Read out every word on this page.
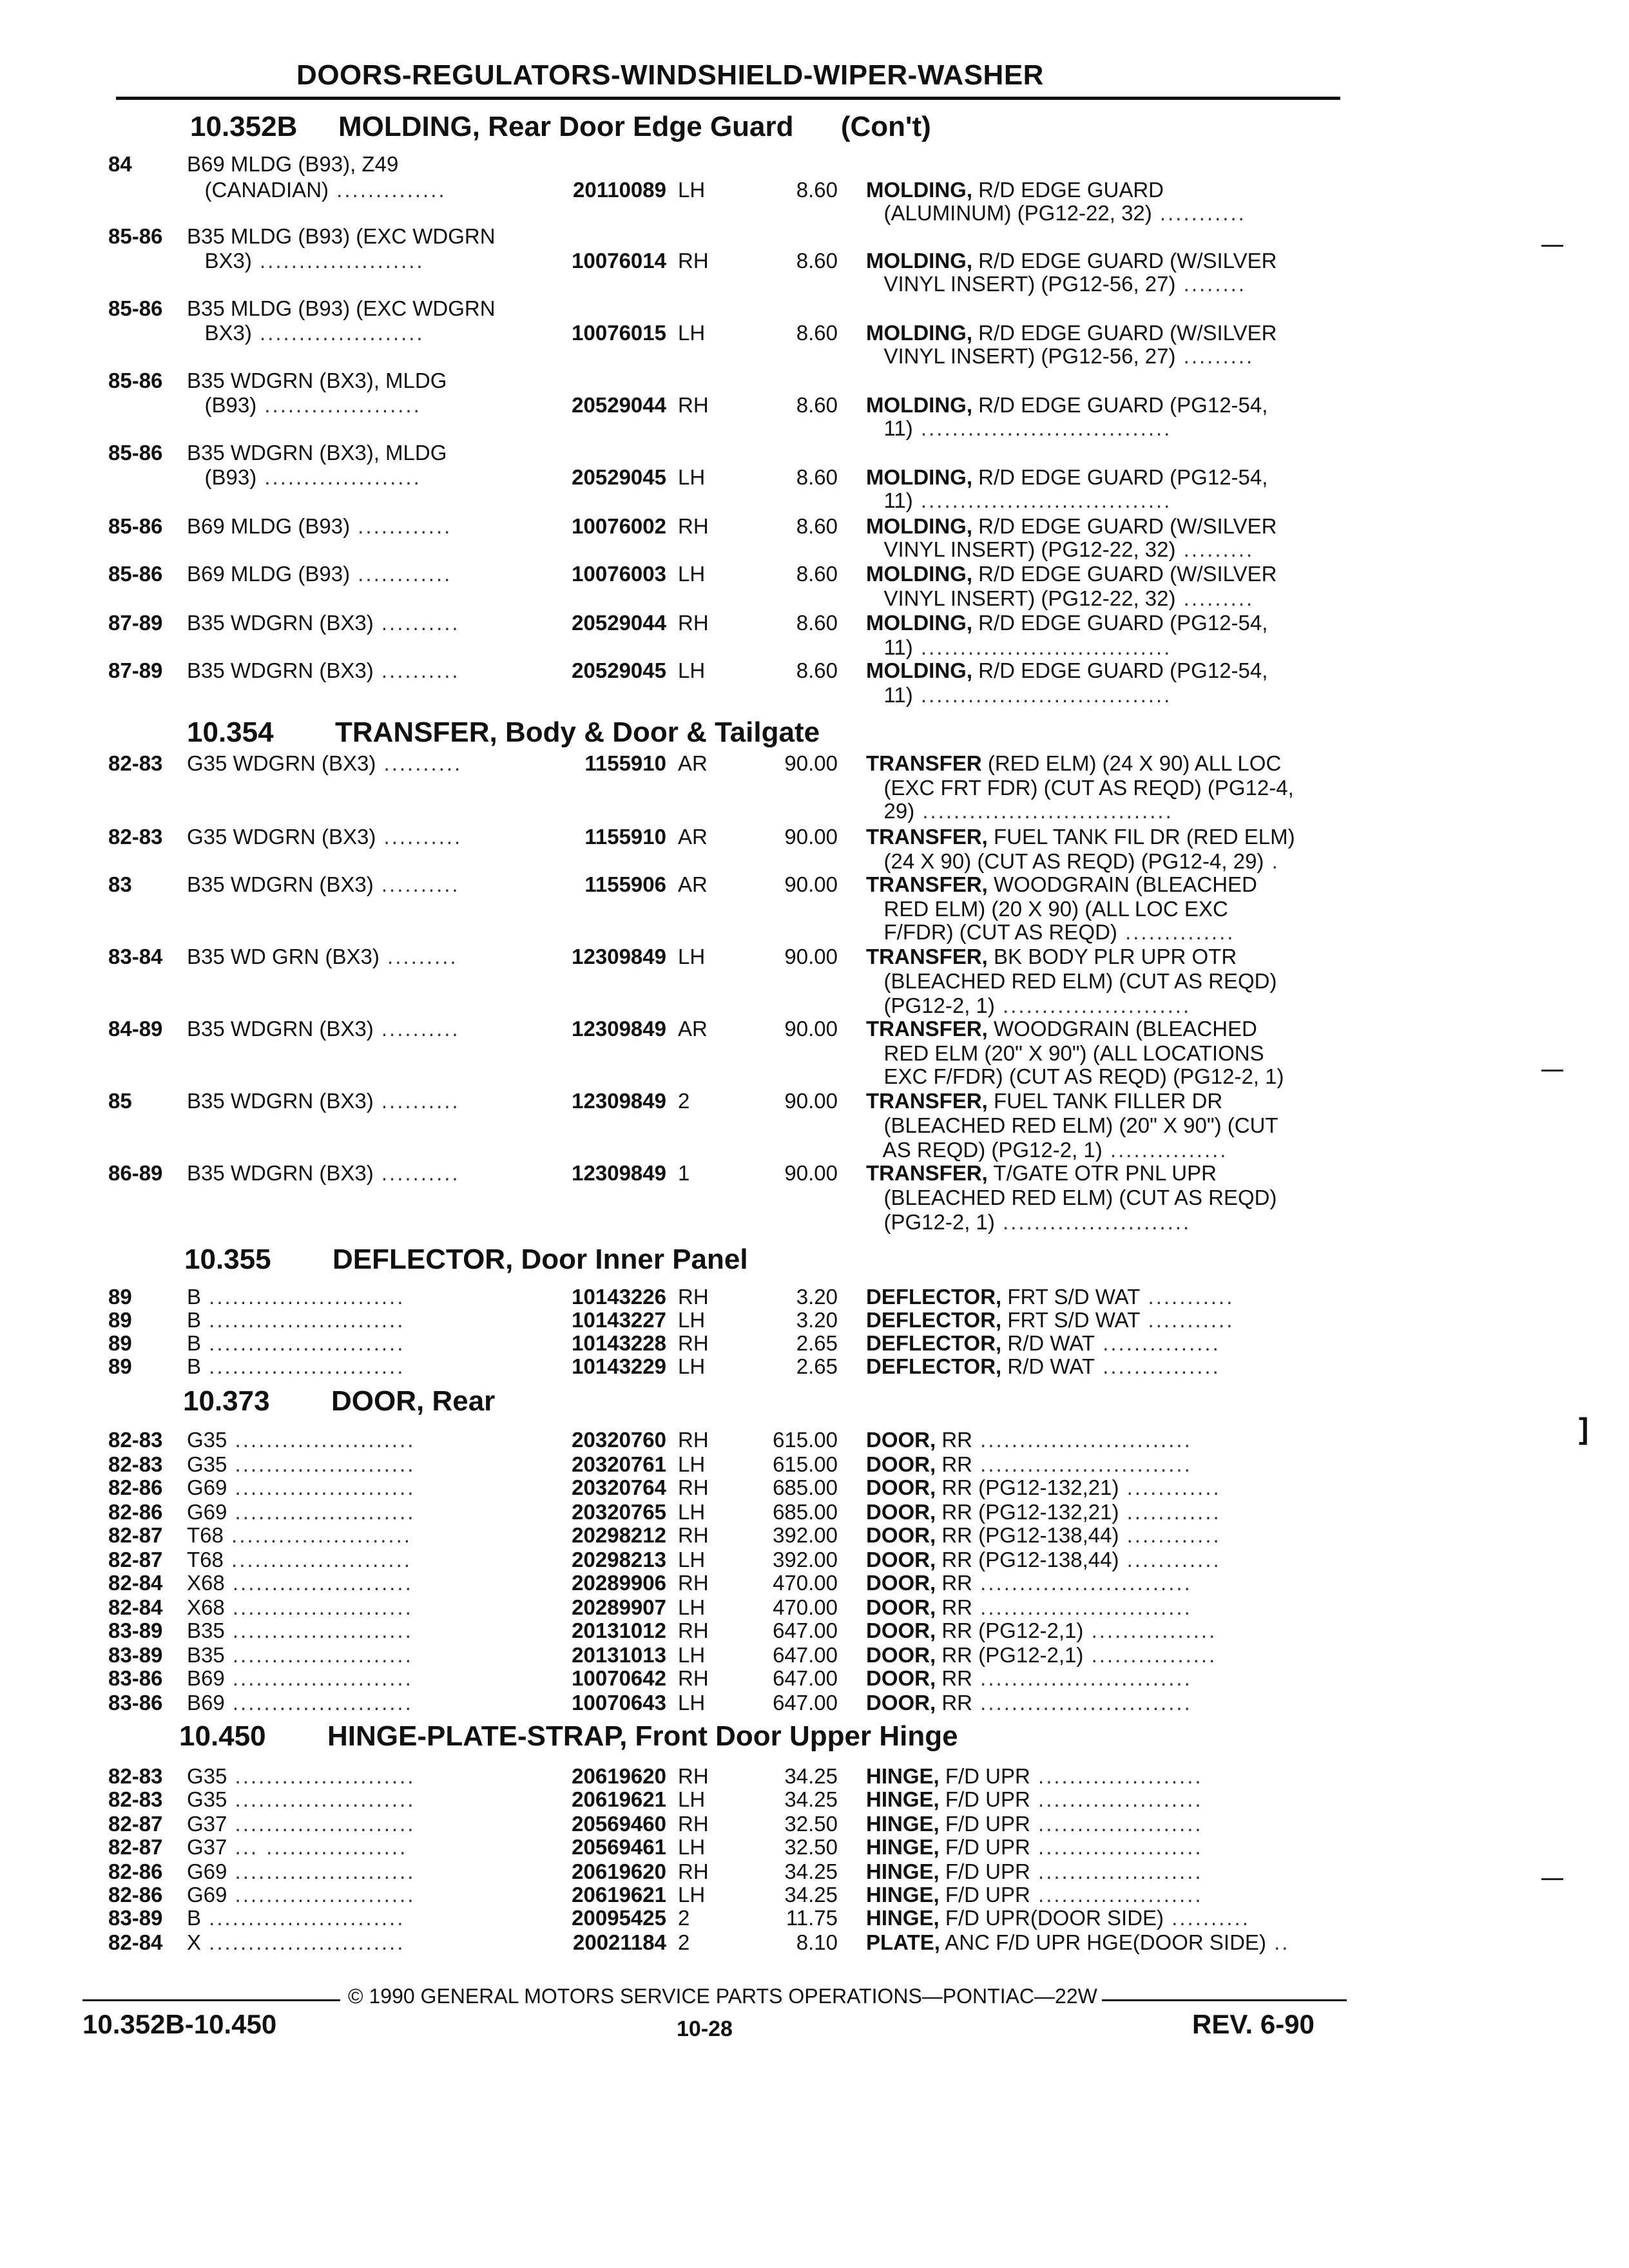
DOORS-REGULATORS-WINDSHIELD-WIPER-WASHER
10.352B MOLDING, Rear Door Edge Guard      (Con't)
10.354 TRANSFER, Body & Door & Tailgate
10.355 DEFLECTOR, Door Inner Panel
10.373 DOOR, Rear
10.450 HINGE-PLATE-STRAP, Front Door Upper Hinge
84	B69 MLDG (B93), Z49
(CANADIAN) ..............	20110089 LH	8.60 MOLDING, R/D EDGE GUARD
(ALUMINUM) (PG12-22, 32) ...........
85-86 B35 MLDG (B93) (EXC WDGRN
BX3) .....................	10076014 RH	8.60 MOLDING, R/D EDGE GUARD (W/SILVER
VINYL INSERT) (PG12-56, 27) ........
85-86 B35 MLDG (B93) (EXC WDGRN
BX3) .....................	10076015 LH	8.60 MOLDING, R/D EDGE GUARD (W/SILVER
VINYL INSERT) (PG12-56, 27) .........
85-86 B35 WDGRN (BX3), MLDG
(B93) ....................	20529044 RH	8.60 MOLDING, R/D EDGE GUARD (PG12-54,
11) ................................
85-86 B35 WDGRN (BX3), MLDG
(B93) ....................	20529045 LH	8.60 MOLDING, R/D EDGE GUARD (PG12-54,
11) ................................
85-86 B69 MLDG (B93) ............	10076002 RH	8.60 MOLDING, R/D EDGE GUARD (W/SILVER
VINYL INSERT) (PG12-22, 32) .........
85-86 B69 MLDG (B93) ............	10076003 LH	8.60 MOLDING, R/D EDGE GUARD (W/SILVER
VINYL INSERT) (PG12-22, 32) .........
87-89 B35 WDGRN (BX3) ..........	20529044 RH	8.60 MOLDING, R/D EDGE GUARD (PG12-54,
11) ................................
87-89 B35 WDGRN (BX3) ..........	20529045 LH	8.60 MOLDING, R/D EDGE GUARD (PG12-54,
11) ................................
82-83 G35 WDGRN (BX3) ..........	1155910 AR	90.00 TRANSFER (RED ELM) (24 X 90) ALL LOC
(EXC FRT FDR) (CUT AS REQD) (PG12-4,
29) ................................
82-83 G35 WDGRN (BX3) ..........	1155910 AR	90.00 TRANSFER, FUEL TANK FIL DR (RED ELM)
(24 X 90) (CUT AS REQD) (PG12-4, 29) .
83	B35 WDGRN (BX3) ..........	1155906 AR	90.00 TRANSFER, WOODGRAIN (BLEACHED
RED ELM) (20 X 90) (ALL LOC EXC
F/FDR) (CUT AS REQD) ..............
83-84 B35 WD GRN (BX3) .........	12309849 LH	90.00 TRANSFER, BK BODY PLR UPR OTR
(BLEACHED RED ELM) (CUT AS REQD)
(PG12-2, 1) ........................
84-89 B35 WDGRN (BX3) ..........	12309849 AR	90.00 TRANSFER, WOODGRAIN (BLEACHED
RED ELM (20" X 90") (ALL LOCATIONS
EXC F/FDR) (CUT AS REQD) (PG12-2, 1)
85	B35 WDGRN (BX3) ..........	12309849 2	90.00 TRANSFER, FUEL TANK FILLER DR
(BLEACHED RED ELM) (20" X 90") (CUT
AS REQD) (PG12-2, 1) ...............
86-89 B35 WDGRN (BX3) ..........	12309849 1	90.00 TRANSFER, T/GATE OTR PNL UPR
(BLEACHED RED ELM) (CUT AS REQD)
(PG12-2, 1) ........................
89	B .........................	10143226 RH	3.20 DEFLECTOR, FRT S/D WAT ...........
89	B .........................	10143227 LH	3.20 DEFLECTOR, FRT S/D WAT ...........
89	B .........................	10143228 RH	2.65 DEFLECTOR, R/D WAT ...............
89	B .........................	10143229 LH	2.65 DEFLECTOR, R/D WAT ...............
82-83 G35 .......................	20320760 RH	615.00 DOOR, RR ...........................
82-83 G35 .......................	20320761 LH	615.00 DOOR, RR ...........................
82-86 G69 .......................	20320764 RH	685.00 DOOR, RR (PG12-132,21) ............
82-86 G69 .......................	20320765 LH	685.00 DOOR, RR (PG12-132,21) ............
82-87 T68 .......................	20298212 RH	392.00 DOOR, RR (PG12-138,44) ............
82-87 T68 .......................	20298213 LH	392.00 DOOR, RR (PG12-138,44) ............
82-84 X68 .......................	20289906 RH	470.00 DOOR, RR ...........................
82-84 X68 .......................	20289907 LH	470.00 DOOR, RR ...........................
83-89 B35 .......................	20131012 RH	647.00 DOOR, RR (PG12-2,1) ................
83-89 B35 .......................	20131013 LH	647.00 DOOR, RR (PG12-2,1) ................
83-86 B69 .......................	10070642 RH	647.00 DOOR, RR ...........................
83-86 B69 .......................	10070643 LH	647.00 DOOR, RR ...........................
82-83 G35 .......................	20619620 RH	34.25 HINGE, F/D UPR .....................
82-83 G35 .......................	20619621 LH	34.25 HINGE, F/D UPR .....................
82-87 G37 .......................	20569460 RH	32.50 HINGE, F/D UPR .....................
82-87 G37 ... ..................	20569461 LH	32.50 HINGE, F/D UPR .....................
82-86 G69 .......................	20619620 RH	34.25 HINGE, F/D UPR .....................
82-86 G69 .......................	20619621 LH	34.25 HINGE, F/D UPR .....................
83-89 B .........................	20095425 2	11.75 HINGE, F/D UPR(DOOR SIDE) ..........
82-84 X .........................	20021184 2	8.10 PLATE, ANC F/D UPR HGE(DOOR SIDE) ..
]
© 1990 GENERAL MOTORS SERVICE PARTS OPERATIONS—PONTIAC—22W
10.352B-10.450	10-28	REV. 6-90
